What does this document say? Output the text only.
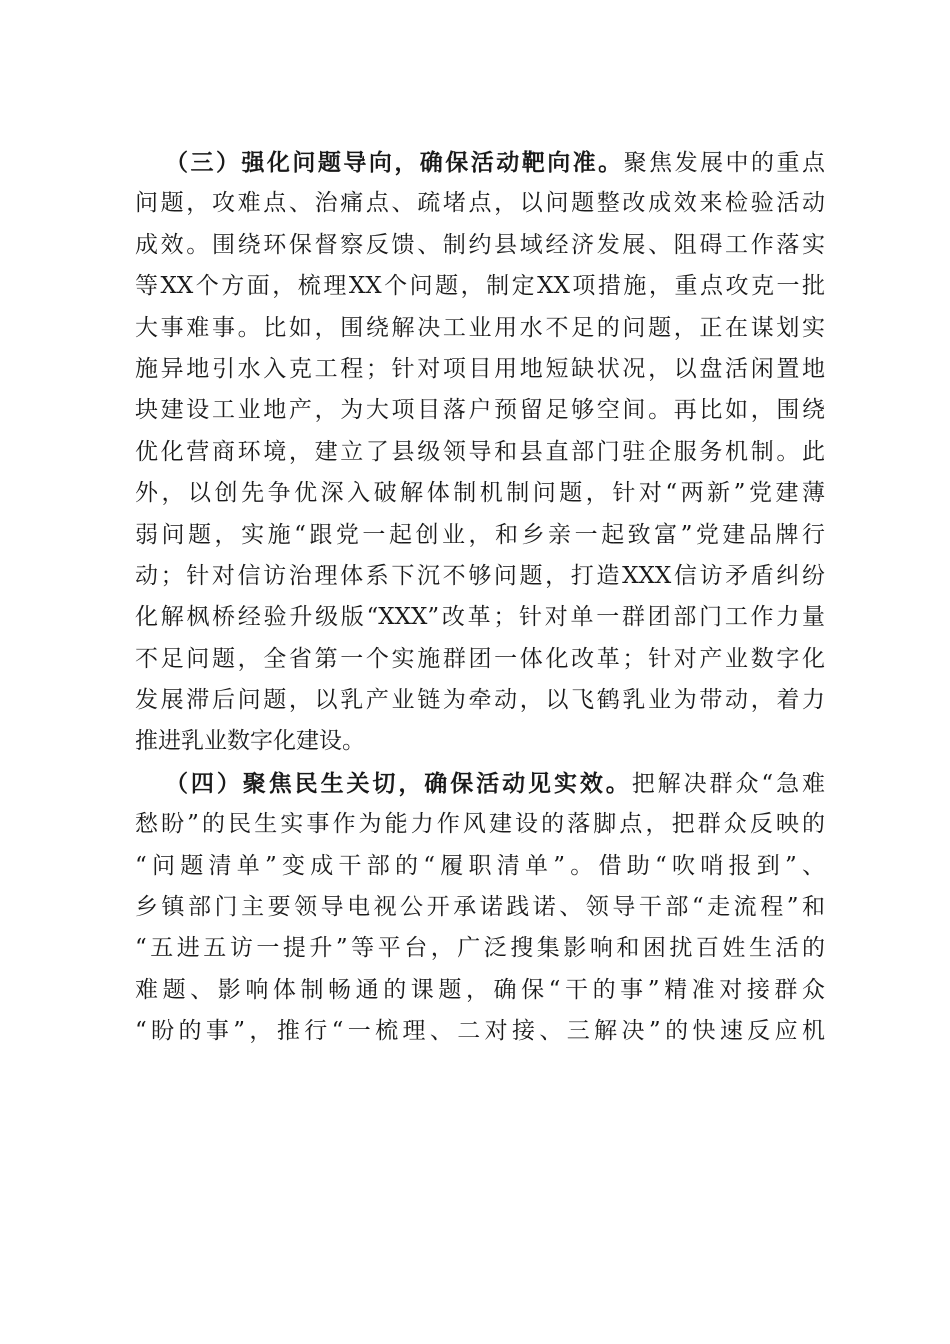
（三）强化问题导向，确保活动靶向准。聚焦发展中的重点
问题，攻难点、治痛点、疏堵点，以问题整改成效来检验活动
成效。围绕环保督察反馈、制约县域经济发展、阻碍工作落实
等XX个方面，梳理XX个问题，制定XX项措施，重点攻克一批
大事难事。比如，围绕解决工业用水不足的问题，正在谋划实
施异地引水入克工程；针对项目用地短缺状况，以盘活闲置地
块建设工业地产，为大项目落户预留足够空间。再比如，围绕
优化营商环境，建立了县级领导和县直部门驻企服务机制。此
外，以创先争优深入破解体制机制问题，针对“两新”党建薄
弱问题，实施“跟党一起创业，和乡亲一起致富”党建品牌行
动；针对信访治理体系下沉不够问题，打造XXX信访矛盾纠纷
化解枫桥经验升级版“XXX”改革；针对单一群团部门工作力量
不足问题，全省第一个实施群团一体化改革；针对产业数字化
发展滞后问题，以乳产业链为牵动，以飞鹤乳业为带动，着力
推进乳业数字化建设。
（四）聚焦民生关切，确保活动见实效。把解决群众“急难
愁盼”的民生实事作为能力作风建设的落脚点，把群众反映的
“问题清单”变成干部的“履职清单”。借助“吹哨报到”、
乡镇部门主要领导电视公开承诺践诺、领导干部“走流程”和
“五进五访一提升”等平台，广泛搜集影响和困扰百姓生活的
难题、影响体制畅通的课题，确保“干的事”精准对接群众
“盼的事”，推行“一梳理、二对接、三解决”的快速反应机
